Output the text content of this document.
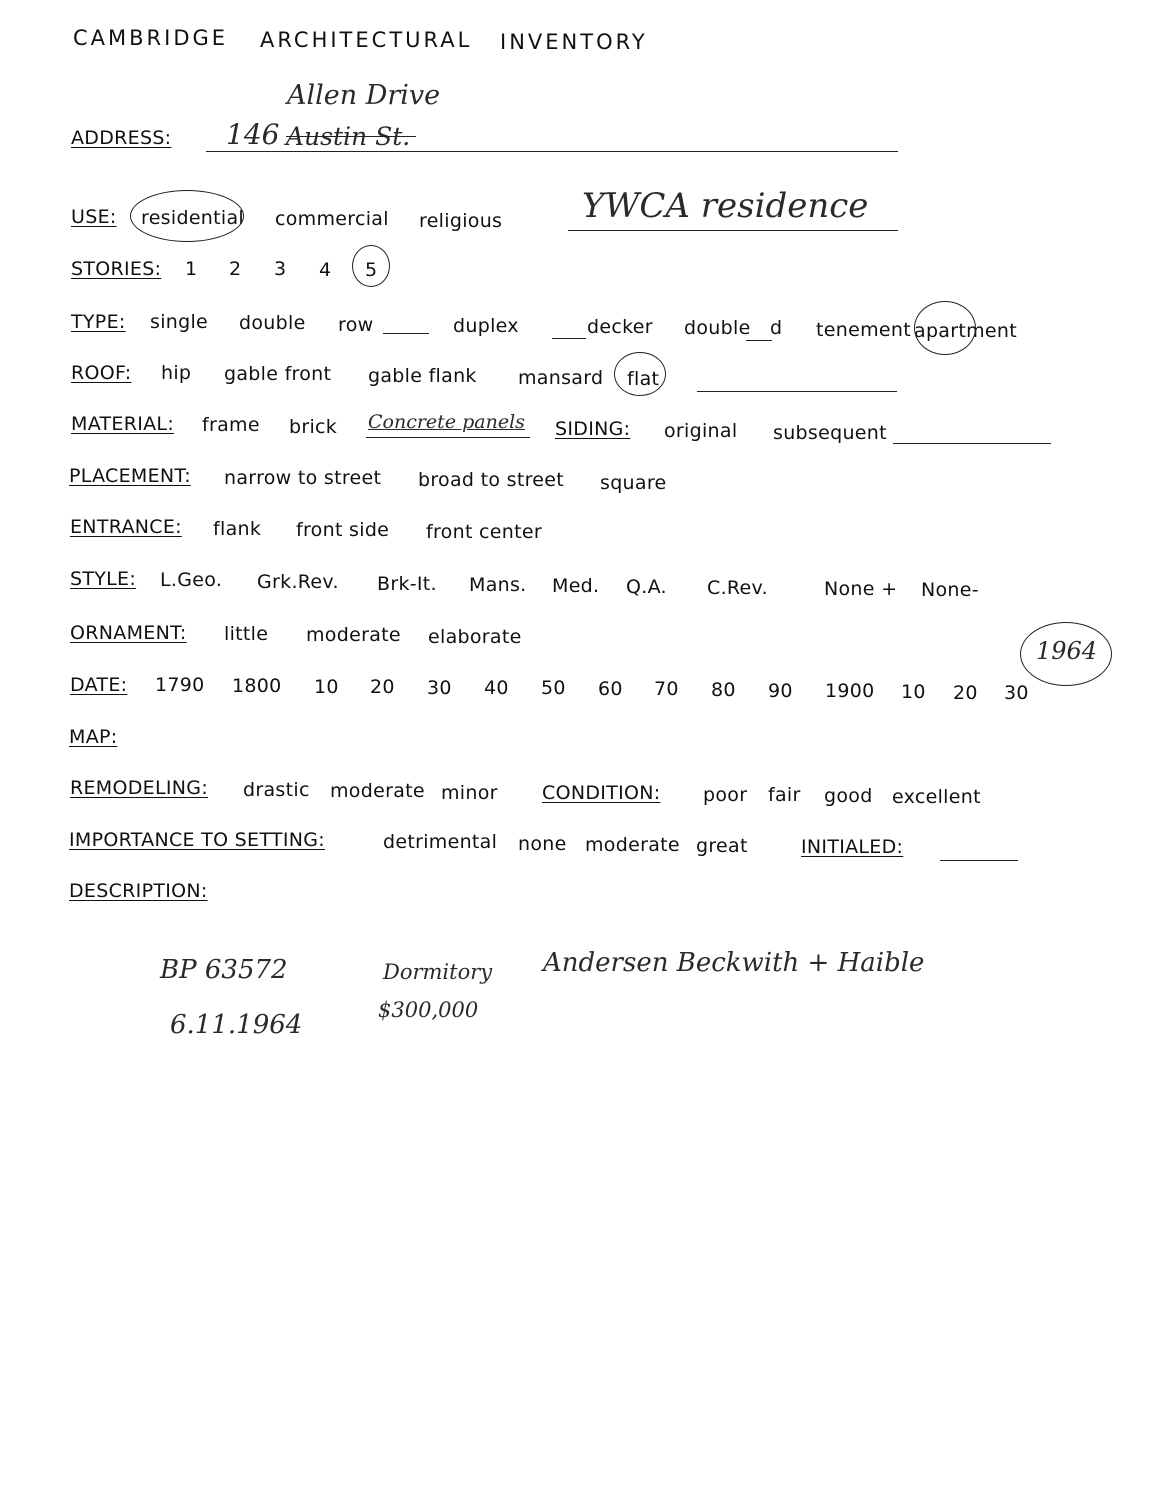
CAMBRIDGE ARCHITECTURAL INVENTORY
ADDRESS: 146 Austin St.
Allen Drive
USE: residential commercial religious YWCA residence
STORIES: 1 2 3 4 5
TYPE: single double row	duplex	decker double d tenement apartment
ROOF: hip gable front gable flank mansard flat
MATERIAL: frame brick Concrete panels SIDING: original subsequent
PLACEMENT: narrow to street broad to street square
ENTRANCE: flank front side front center
STYLE: L.Geo. Grk.Rev. Brk-It. Mans. Med. Q.A. C.Rev.	None + None-
ORNAMENT: little moderate elaborate
DATE: 1790 1800 10 20 30 40 50 60 70 80 90 1900 10 20 30
1964
MAP:
REMODELING: drastic moderate minor CONDITION: poor fair good excellent
IMPORTANCE TO SETTING:	detrimental none moderate great	INITIALED:
DESCRIPTION:
BP 63572
6.11.1964
Dormitory
$300,000
Andersen Beckwith + Haible
